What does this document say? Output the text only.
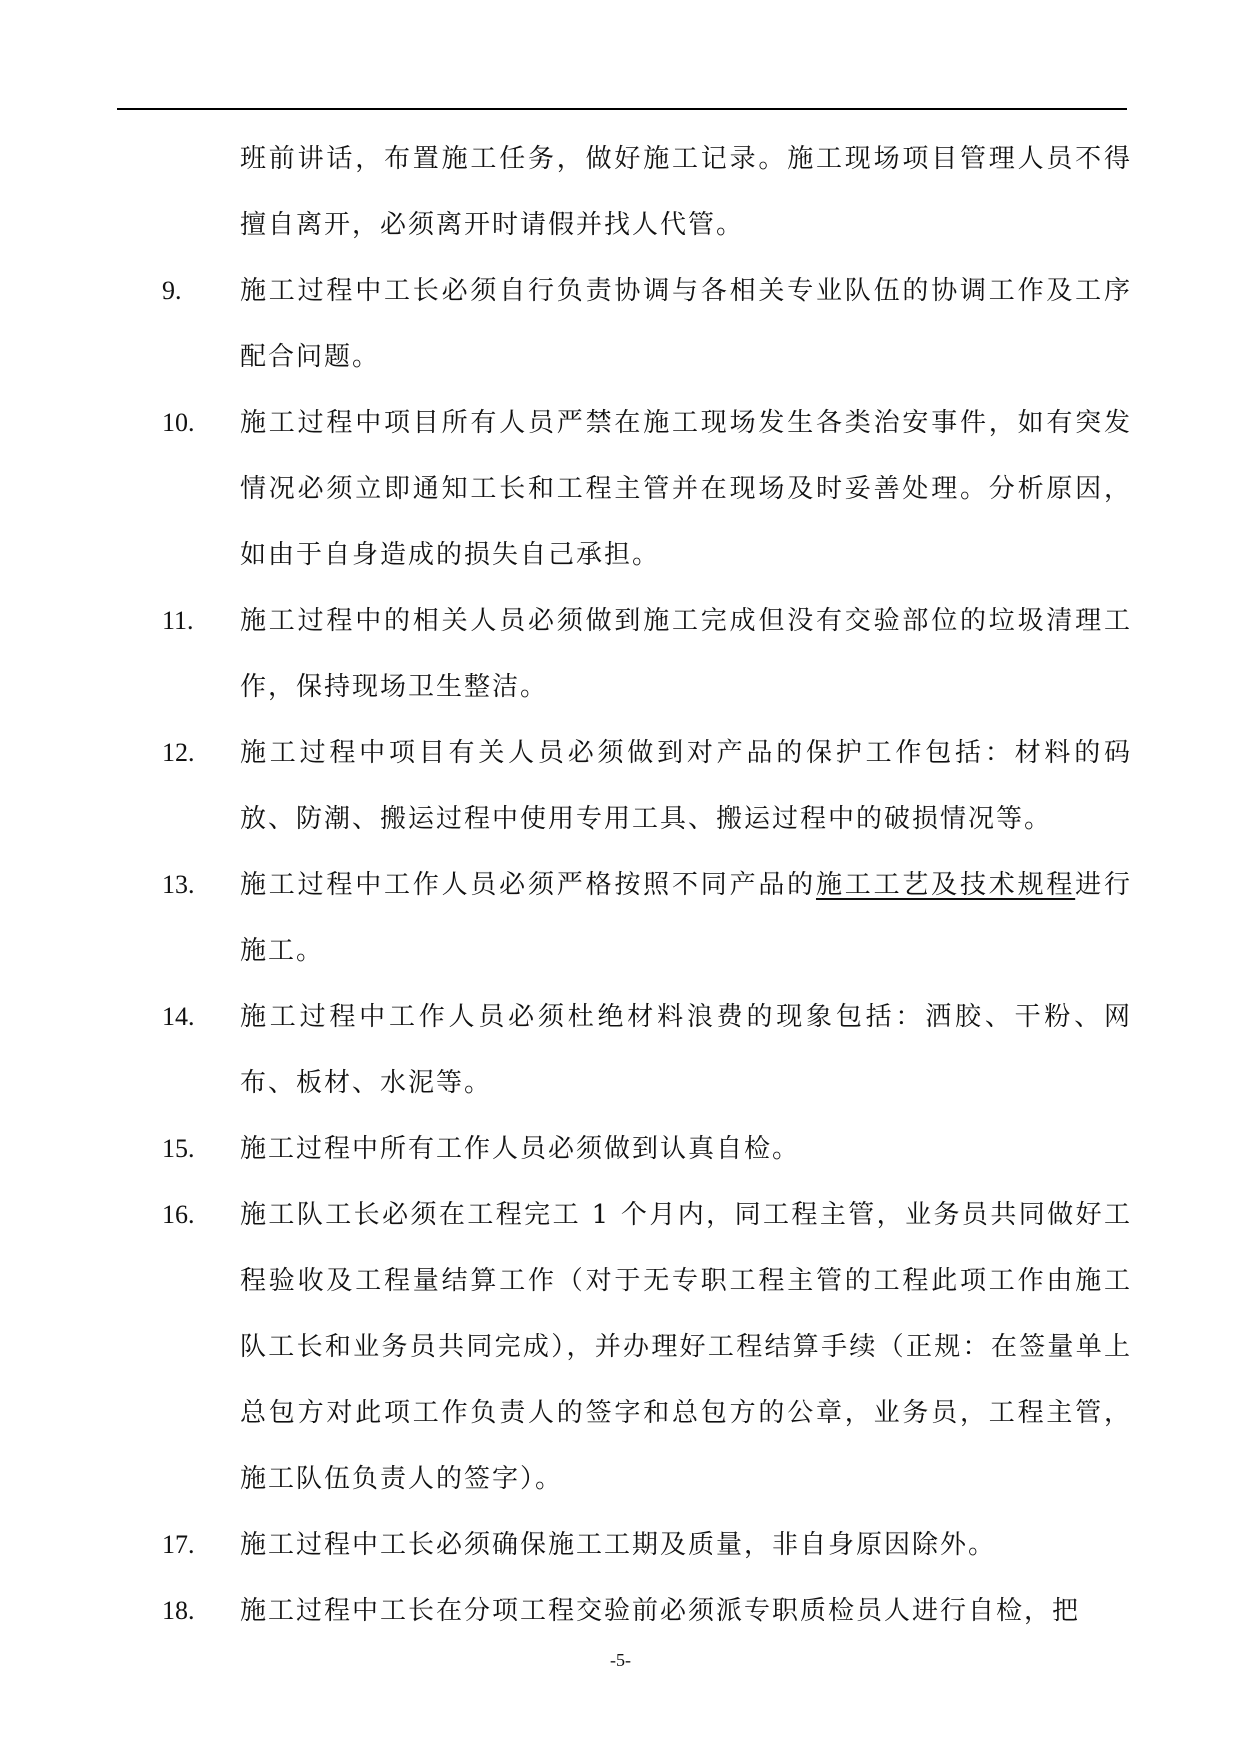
班前讲话，布置施工任务，做好施工记录。施工现场项目管理人员不得擅自离开，必须离开时请假并找人代管。
9. 施工过程中工长必须自行负责协调与各相关专业队伍的协调工作及工序配合问题。
10. 施工过程中项目所有人员严禁在施工现场发生各类治安事件，如有突发情况必须立即通知工长和工程主管并在现场及时妥善处理。分析原因，如由于自身造成的损失自己承担。
11. 施工过程中的相关人员必须做到施工完成但没有交验部位的垃圾清理工作，保持现场卫生整洁。
12. 施工过程中项目有关人员必须做到对产品的保护工作包括：材料的码放、防潮、搬运过程中使用专用工具、搬运过程中的破损情况等。
13. 施工过程中工作人员必须严格按照不同产品的施工工艺及技术规程进行施工。
14. 施工过程中工作人员必须杜绝材料浪费的现象包括：洒胶、干粉、网布、板材、水泥等。
15. 施工过程中所有工作人员必须做到认真自检。
16. 施工队工长必须在工程完工 1 个月内，同工程主管，业务员共同做好工程验收及工程量结算工作（对于无专职工程主管的工程此项工作由施工队工长和业务员共同完成），并办理好工程结算手续（正规：在签量单上总包方对此项工作负责人的签字和总包方的公章，业务员，工程主管，施工队伍负责人的签字）。
17. 施工过程中工长必须确保施工工期及质量，非自身原因除外。
18. 施工过程中工长在分项工程交验前必须派专职质检员人进行自检，把
-5-
